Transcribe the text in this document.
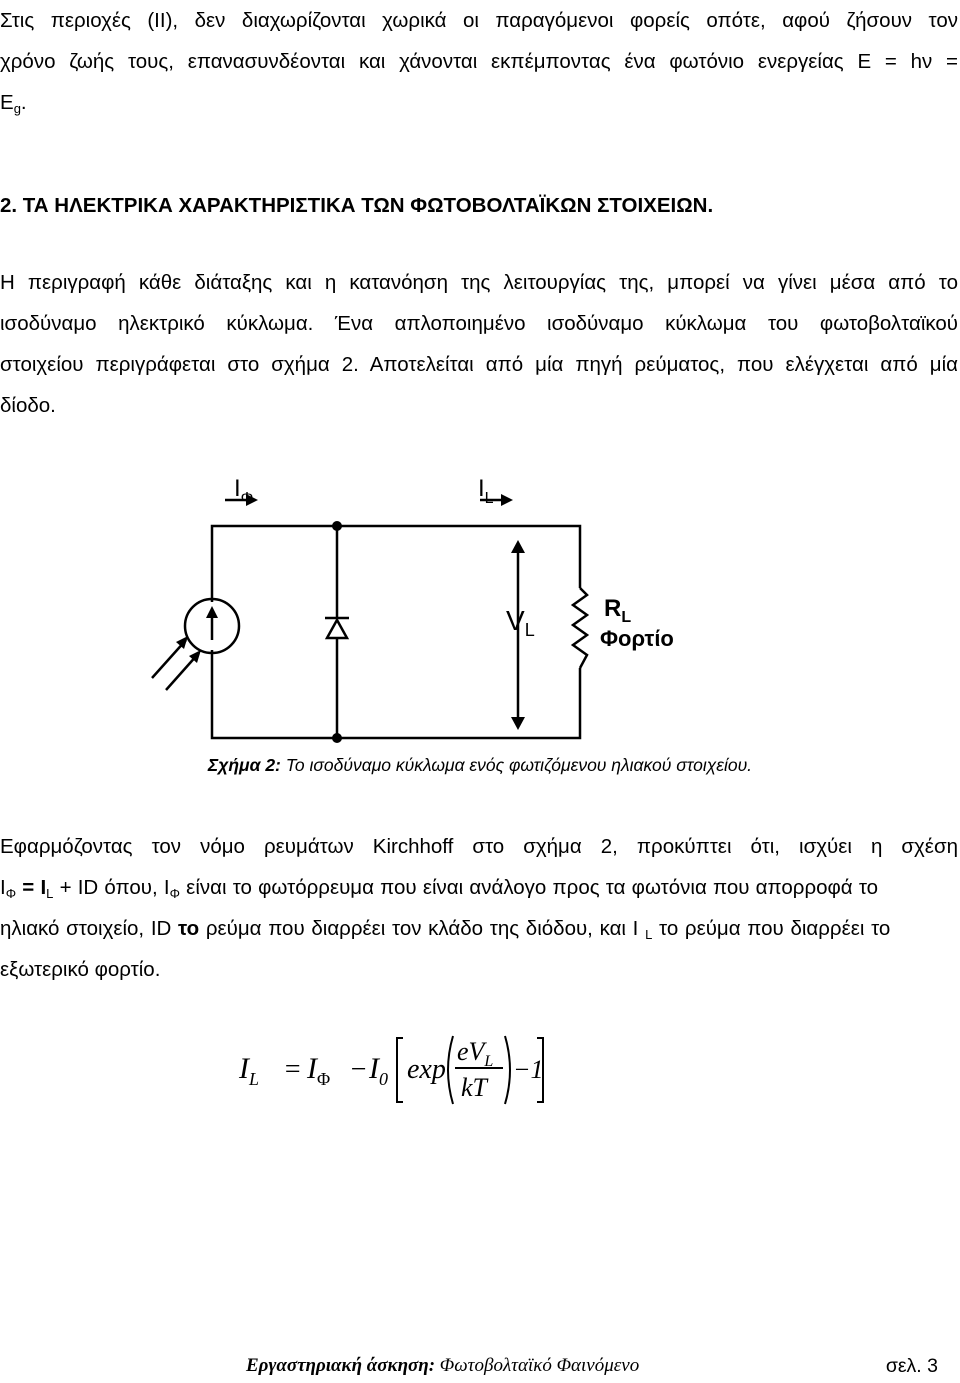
Στις περιοχές (ΙΙ), δεν διαχωρίζονται χωρικά οι παραγόμενοι φορείς οπότε, αφού ζήσουν τον
χρόνο ζωής τους, επανασυνδέονται και χάνονται εκπέμποντας ένα φωτόνιο ενεργείας Ε = hν =
$E_g$.
2. ΤΑ ΗΛΕΚΤΡΙΚΑ ΧΑΡΑΚΤΗΡΙΣΤΙΚΑ ΤΩΝ ΦΩΤΟΒΟΛΤΑΪΚΩΝ ΣΤΟΙΧΕΙΩΝ.
Η περιγραφή κάθε διάταξης και η κατανόηση της λειτουργίας της, μπορεί να γίνει μέσα από το
ισοδύναμο ηλεκτρικό κύκλωμα. Ένα απλοποιημένο ισοδύναμο κύκλωμα του φωτοβολταϊκού
στοιχείου περιγράφεται στο σχήμα 2. Αποτελείται από μία πηγή ρεύματος, που ελέγχεται από μία
δίοδο.
$I_\Phi$	$I_L$
$V_L$
$R_L$
Φορτίο
Σχήμα 2: Το ισοδύναμο κύκλωμα ενός φωτιζόμενου ηλιακού στοιχείου.
Εφαρμόζοντας τον νόμο ρευμάτων Kirchhoff στο σχήμα 2, προκύπτει ότι, ισχύει η σχέση
$I_\Phi = I_L$ + ID όπου, $I_\Phi$ είναι το φωτόρρευμα που είναι ανάλογο προς τα φωτόνια που απορροφά το
ηλιακό στοιχείο, ID το ρεύμα που διαρρέει τον κλάδο της διόδου, και I $_L$ το ρεύμα που διαρρέει το
εξωτερικό φορτίο.
$I_L = I_\Phi - I_0$ exp
$eV_L$
kT
−1
Εργαστηριακή άσκηση: Φωτοβολταϊκό Φαινόμενο	σελ. 3
